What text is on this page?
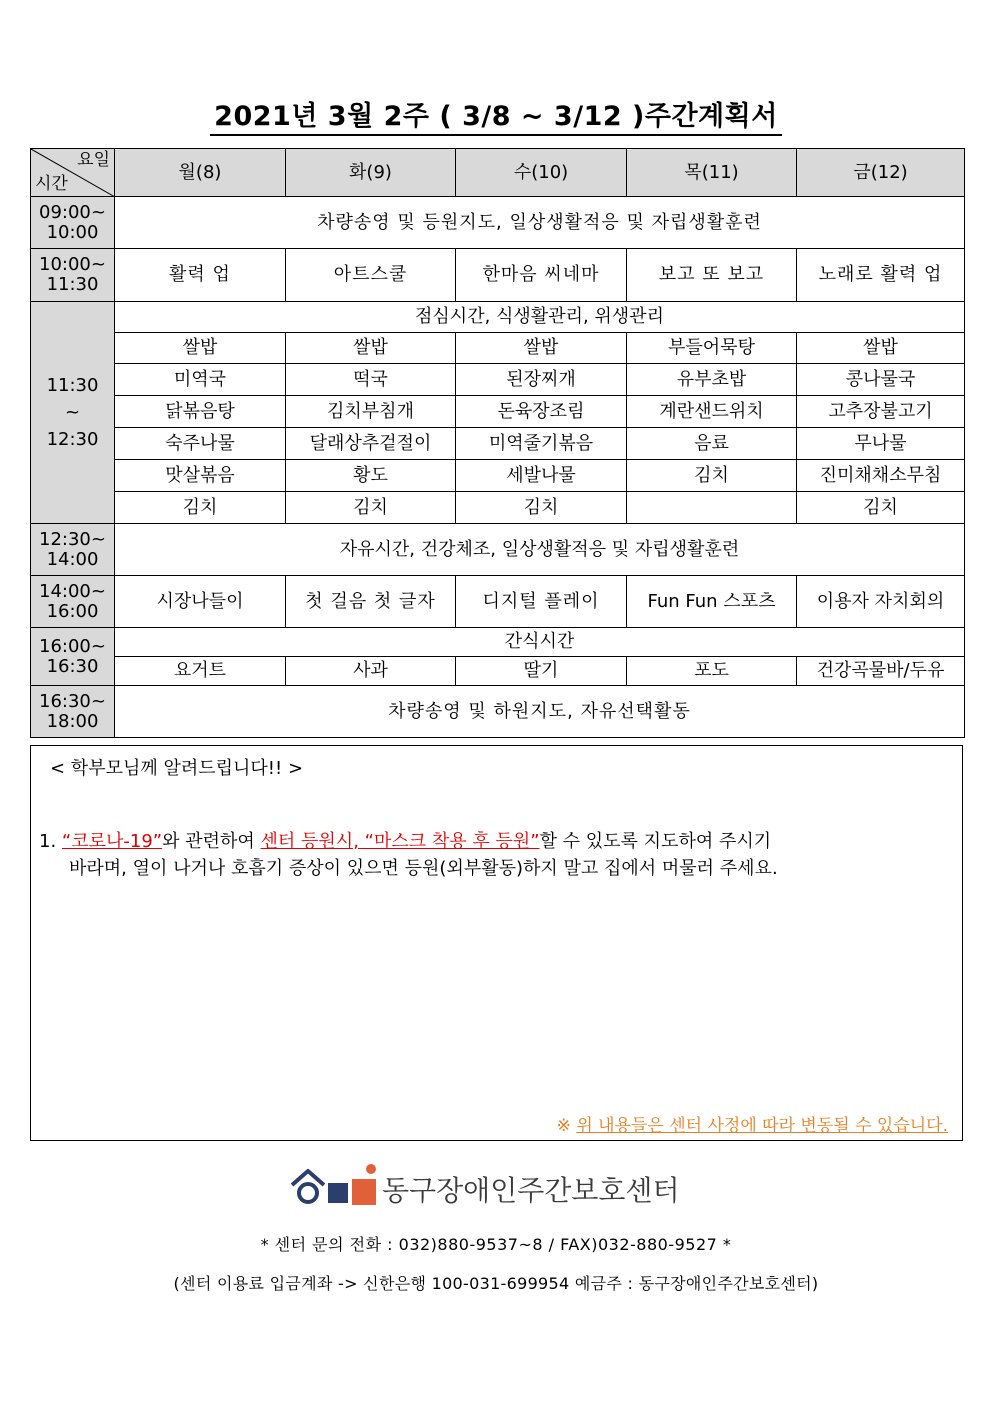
2021년 3월 2주 ( 3/8 ~ 3/12 )주간계획서
요일
시간	월(8)	화(9)	수(10)	목(11)	금(12)
09:00~
10:00	차량송영 및 등원지도, 일상생활적응 및 자립생활훈련				
10:00~
11:30	활력 업	아트스쿨	한마음 씨네마	보고 또 보고	노래로 활력 업
11:30
~
12:30	점심시간, 식생활관리, 위생관리				
	쌀밥	쌀밥	쌀밥	부들어묵탕	쌀밥
	미역국	떡국	된장찌개	유부초밥	콩나물국
	닭볶음탕	김치부침개	돈육장조림	계란샌드위치	고추장불고기
	숙주나물	달래상추겉절이	미역줄기볶음	음료	무나물
	맛살볶음	황도	세발나물	김치	진미채채소무침
	김치	김치	김치		김치
12:30~
14:00	자유시간, 건강체조, 일상생활적응 및 자립생활훈련				
14:00~
16:00	시장나들이	첫 걸음 첫 글자	디지털 플레이	Fun Fun 스포츠	이용자 자치회의
16:00~
16:30	간식시간				
	요거트	사과	딸기	포도	건강곡물바/두유
16:30~
18:00	차량송영 및 하원지도, 자유선택활동				
< 학부모님께 알려드립니다!! >
1. “코로나-19”와 관련하여 센터 등원시, “마스크 착용 후 등원”할 수 있도록 지도하여 주시기
바라며, 열이 나거나 호흡기 증상이 있으면 등원(외부활동)하지 말고 집에서 머물러 주세요.
※ 위 내용들은 센터 사정에 따라 변동될 수 있습니다.
동구장애인주간보호센터
* 센터 문의 전화 : 032)880-9537~8 / FAX)032-880-9527 *
(센터 이용료 입금계좌 -> 신한은행 100-031-699954 예금주 : 동구장애인주간보호센터)
